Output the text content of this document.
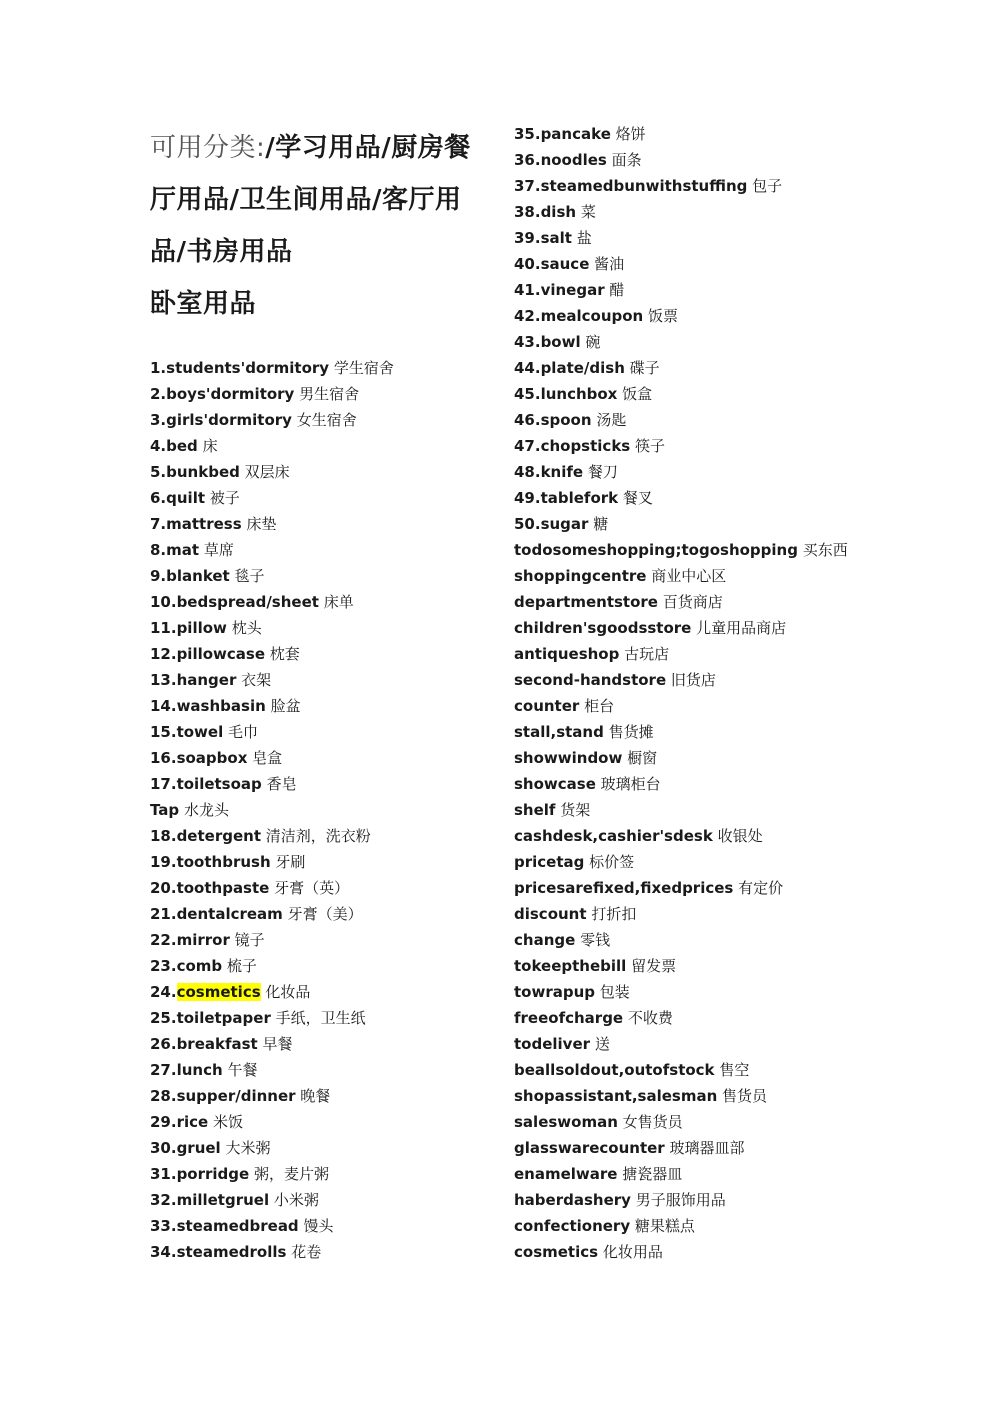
可用分类:/学习用品/厨房餐
厅用品/卫生间用品/客厅用
品/书房用品
卧室用品
1.students'dormitory 学生宿舍
2.boys'dormitory 男生宿舍
3.girls'dormitory 女生宿舍
4.bed 床
5.bunkbed 双层床
6.quilt 被子
7.mattress 床垫
8.mat 草席
9.blanket 毯子
10.bedspread/sheet 床单
11.pillow 枕头
12.pillowcase 枕套
13.hanger 衣架
14.washbasin 脸盆
15.towel 毛巾
16.soapbox 皂盒
17.toiletsoap 香皂
Tap 水龙头
18.detergent 清洁剂，洗衣粉
19.toothbrush 牙刷
20.toothpaste 牙膏（英）
21.dentalcream 牙膏（美）
22.mirror 镜子
23.comb 梳子
24.cosmetics 化妆品
25.toiletpaper 手纸，卫生纸
26.breakfast 早餐
27.lunch 午餐
28.supper/dinner 晚餐
29.rice 米饭
30.gruel 大米粥
31.porridge 粥，麦片粥
32.milletgruel 小米粥
33.steamedbread 馒头
34.steamedrolls 花卷
35.pancake 烙饼
36.noodles 面条
37.steamedbunwithstuffing 包子
38.dish 菜
39.salt 盐
40.sauce 酱油
41.vinegar 醋
42.mealcoupon 饭票
43.bowl 碗
44.plate/dish 碟子
45.lunchbox 饭盒
46.spoon 汤匙
47.chopsticks 筷子
48.knife 餐刀
49.tablefork 餐叉
50.sugar 糖
todosomeshopping;togoshopping 买东西
shoppingcentre 商业中心区
departmentstore 百货商店
children'sgoodsstore 儿童用品商店
antiqueshop 古玩店
second-handstore 旧货店
counter 柜台
stall,stand 售货摊
showwindow 橱窗
showcase 玻璃柜台
shelf 货架
cashdesk,cashier'sdesk 收银处
pricetag 标价签
pricesarefixed,fixedprices 有定价
discount 打折扣
change 零钱
tokeepthebill 留发票
towrapup 包装
freeofcharge 不收费
todeliver 送
beallsoldout,outofstock 售空
shopassistant,salesman 售货员
saleswoman 女售货员
glasswarecounter 玻璃器皿部
enamelware 搪瓷器皿
haberdashery 男子服饰用品
confectionery 糖果糕点
cosmetics 化妆用品
